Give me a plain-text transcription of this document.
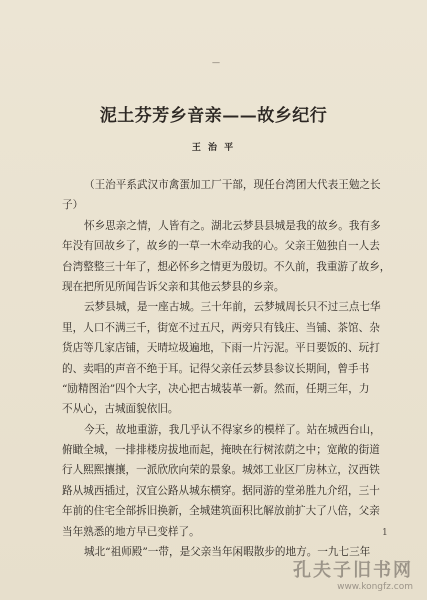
—
泥土芬芳乡音亲——故乡纪行
王 治 平
（王治平系武汉市禽蛋加工厂干部，现任台湾团大代表王勉之长
子）
怀乡思亲之情，人皆有之。湖北云梦县县城是我的故乡。我有多
年没有回故乡了，故乡的一草一木牵动我的心。父亲王勉独自一人去
台湾整整三十年了，想必怀乡之情更为殷切。不久前，我重游了故乡，
现在把所见所闻告诉父亲和其他云梦县的乡亲。
云梦县城，是一座古城。三十年前，云梦城周长只不过三点七华
里，人口不满三千，街宽不过五尺，两旁只有钱庄、当铺、茶馆、杂
货店等几家店铺，天晴垃圾遍地，下雨一片污泥。平日要饭的、玩打
的、卖唱的声音不绝于耳。记得父亲任云梦县参议长期间，曾手书
“励精图治”四个大字，决心把古城装革一新。然而，任期三年，力
不从心，古城面貌依旧。
今天，故地重游，我几乎认不得家乡的模样了。站在城西台山，
俯瞰全城，一排排楼房拔地而起，掩映在行树浓荫之中；宽敞的街道
行人熙熙攘攘，一派欣欣向荣的景象。城郊工业区厂房林立，汉西铁
路从城西插过，汉宜公路从城东横穿。据同游的堂弟胜九介绍，三十
年前的住宅全部拆旧换新，全城建筑面积比解放前扩大了八倍，父亲
当年熟悉的地方早已变样了。
城北“祖师殿”一带，是父亲当年闲暇散步的地方。一九七三年
1
孔夫子旧书网
www.kongfz.com
